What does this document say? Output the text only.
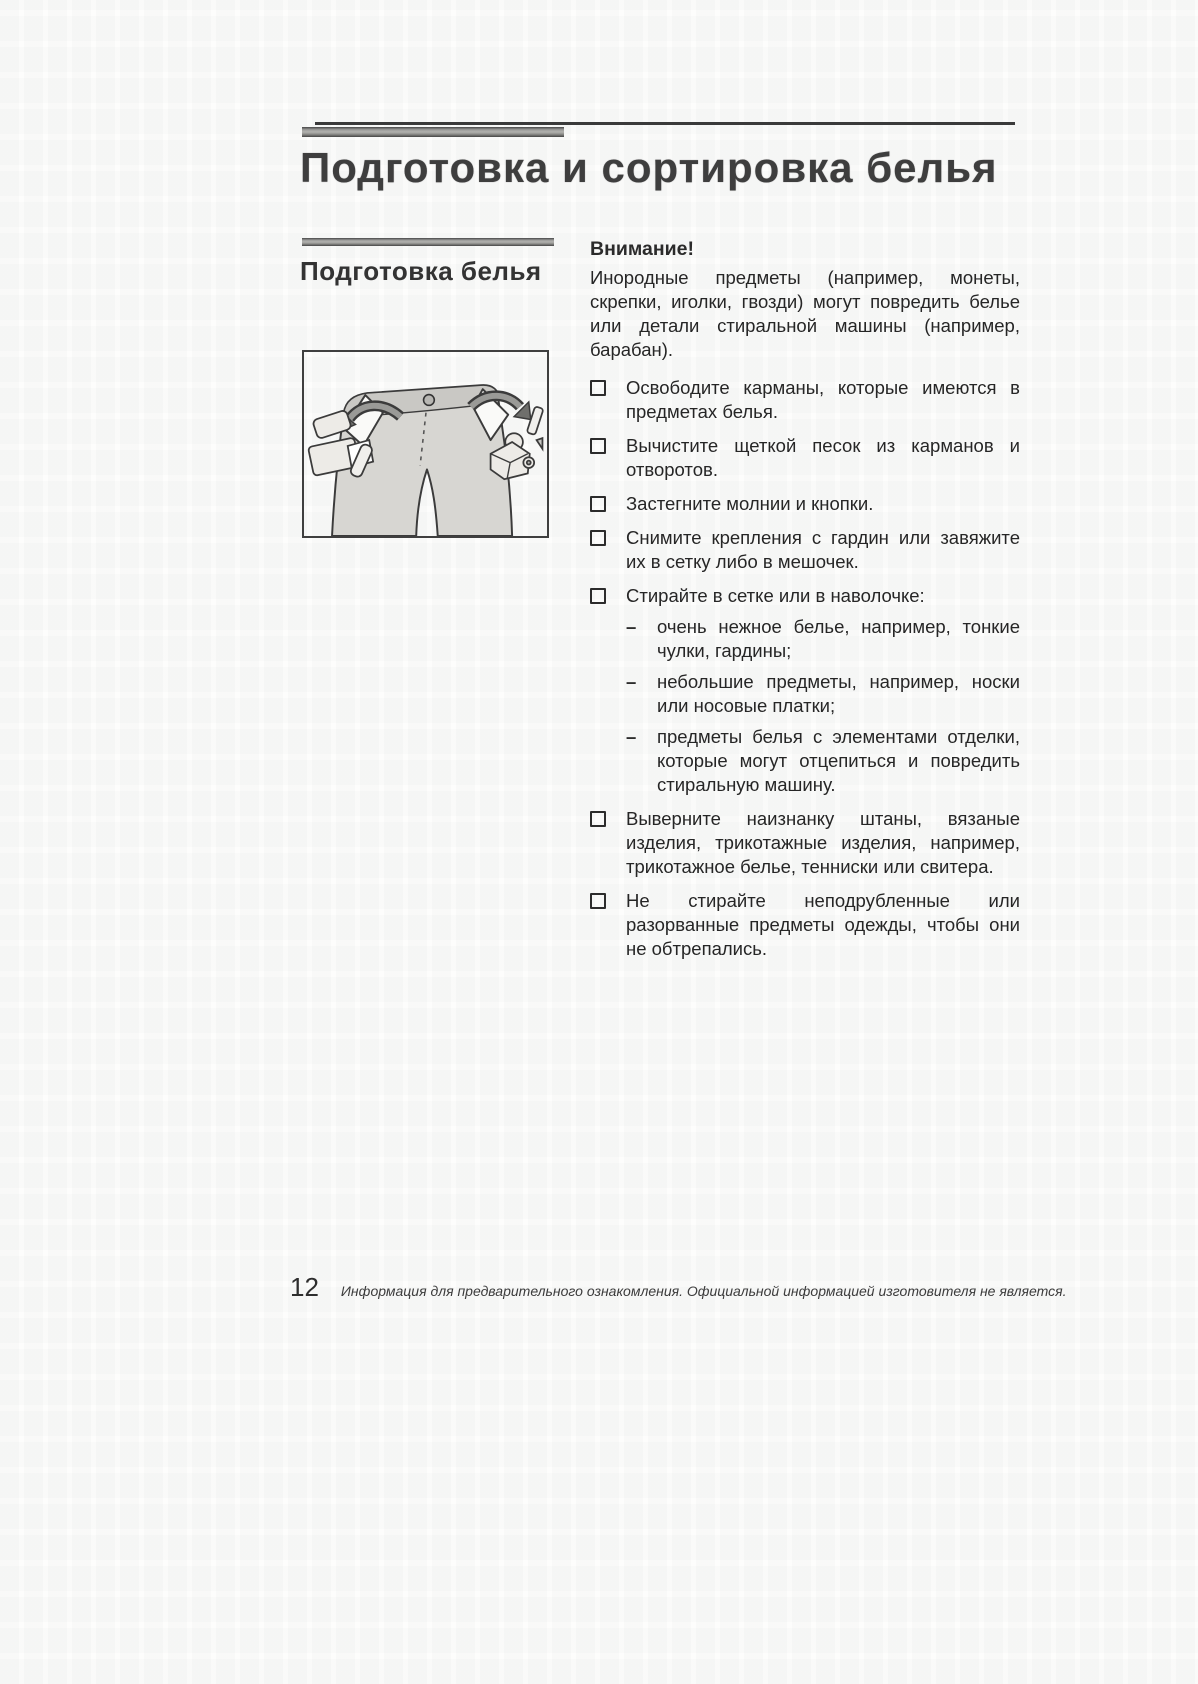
Подготовка и сортировка белья
Подготовка белья
Внимание!

Инородные предметы (например, монеты, скрепки, иголки, гвозди) могут повредить белье или детали стиральной машины (например, барабан).

Освободите карманы, которые имеются в предметах белья.

Вычистите щеткой песок из карманов и отворотов.

Застегните молнии и кнопки.

Снимите крепления с гардин или завяжите их в сетку либо в мешочек.

Стирайте в сетке или в наволочке:

–	очень нежное белье, например, тонкие чулки, гардины;

–	небольшие предметы, например, носки или носовые платки;

–	предметы белья с элементами отделки, которые могут отцепиться и повредить стиральную машину.

Выверните наизнанку штаны, вязаные изделия, трикотажные изделия, например, трикотажное белье, тенниски или свитера.

Не стирайте неподрубленные или разорванные предметы одежды, чтобы они не обтрепались.

12 Информация для предварительного ознакомления. Официальной информацией изготовителя не является.
